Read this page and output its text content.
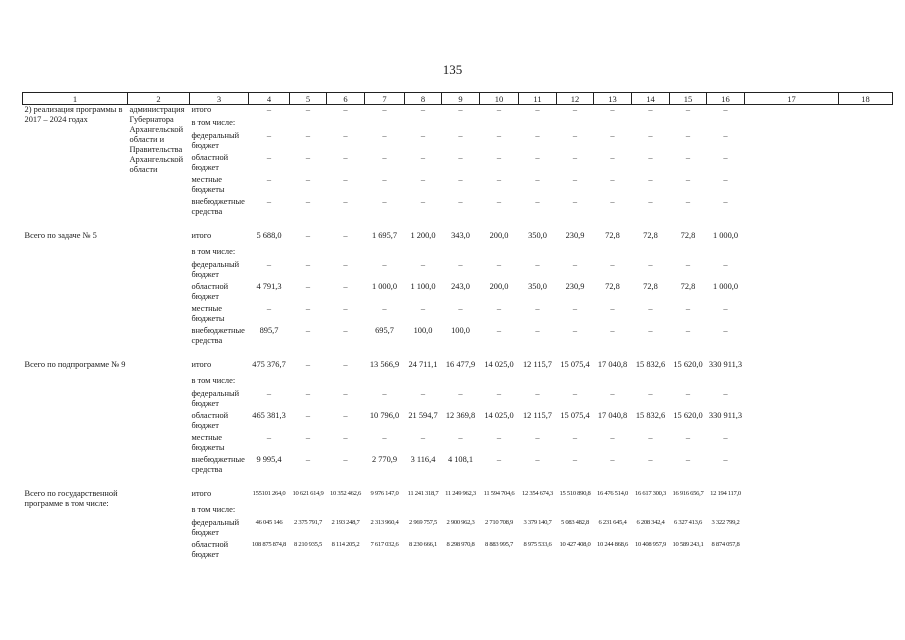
135
1	2	3	4	5	6	7	8	9	10	11	12	13	14	15	16	17	18
2) реализация программы в 2017 – 2024 годах	администрация Губернатора Архангельской области и Правительства Архангельской области	итого	–	–	–	–	–	–	–	–	–	–	–	–	–		
		в том числе:															
		федеральный бюджет	–	–	–	–	–	–	–	–	–	–	–	–	–		
		областной бюджет	–	–	–	–	–	–	–	–	–	–	–	–	–		
		местные бюджеты	–	–	–	–	–	–	–	–	–	–	–	–	–		
		внебюджетные средства	–	–	–	–	–	–	–	–	–	–	–	–	–		
Всего по задаче № 5		итого	5 688,0	–	–	1 695,7	1 200,0	343,0	200,0	350,0	230,9	72,8	72,8	72,8	1 000,0		
		в том числе:															
		федеральный бюджет	–	–	–	–	–	–	–	–	–	–	–	–	–		
		областной бюджет	4 791,3	–	–	1 000,0	1 100,0	243,0	200,0	350,0	230,9	72,8	72,8	72,8	1 000,0		
		местные бюджеты	–	–	–	–	–	–	–	–	–	–	–	–	–		
		внебюджетные средства	895,7	–	–	695,7	100,0	100,0	–	–	–	–	–	–	–		
Всего по подпрограмме № 9		итого	475 376,7	–	–	13 566,9	24 711,1	16 477,9	14 025,0	12 115,7	15 075,4	17 040,8	15 832,6	15 620,0	330 911,3		
		в том числе:															
		федеральный бюджет	–	–	–	–	–	–	–	–	–	–	–	–	–		
		областной бюджет	465 381,3	–	–	10 796,0	21 594,7	12 369,8	14 025,0	12 115,7	15 075,4	17 040,8	15 832,6	15 620,0	330 911,3		
		местные бюджеты	–	–	–	–	–	–	–	–	–	–	–	–	–		
		внебюджетные средства	9 995,4	–	–	2 770,9	3 116,4	4 108,1	–	–	–	–	–	–	–		
Всего по государственной программе в том числе:		итого	155101 264,0	10 621 614,9	10 352 462,6	9 976 147,0	11 241 318,7	11 249 962,3	11 594 704,6	12 354 674,3	15 510 890,8	16 476 514,0	16 617 300,3	16 916 656,7	12 194 117,0		
		в том числе:															
		федеральный бюджет	46 045 146	2 375 791,7	2 193 248,7	2 313 960,4	2 969 757,5	2 900 962,3	2 710 708,9	3 379 140,7	5 083 482,8	6 231 645,4	6 208 342,4	6 327 413,6	3 322 799,2		
		областной бюджет	108 875 874,8	8 210 935,5	8 114 205,2	7 617 032,6	8 230 666,1	8 298 970,8	8 883 995,7	8 975 533,6	10 427 408,0	10 244 868,6	10 408 957,9	10 589 243,1	8 874 057,8		
